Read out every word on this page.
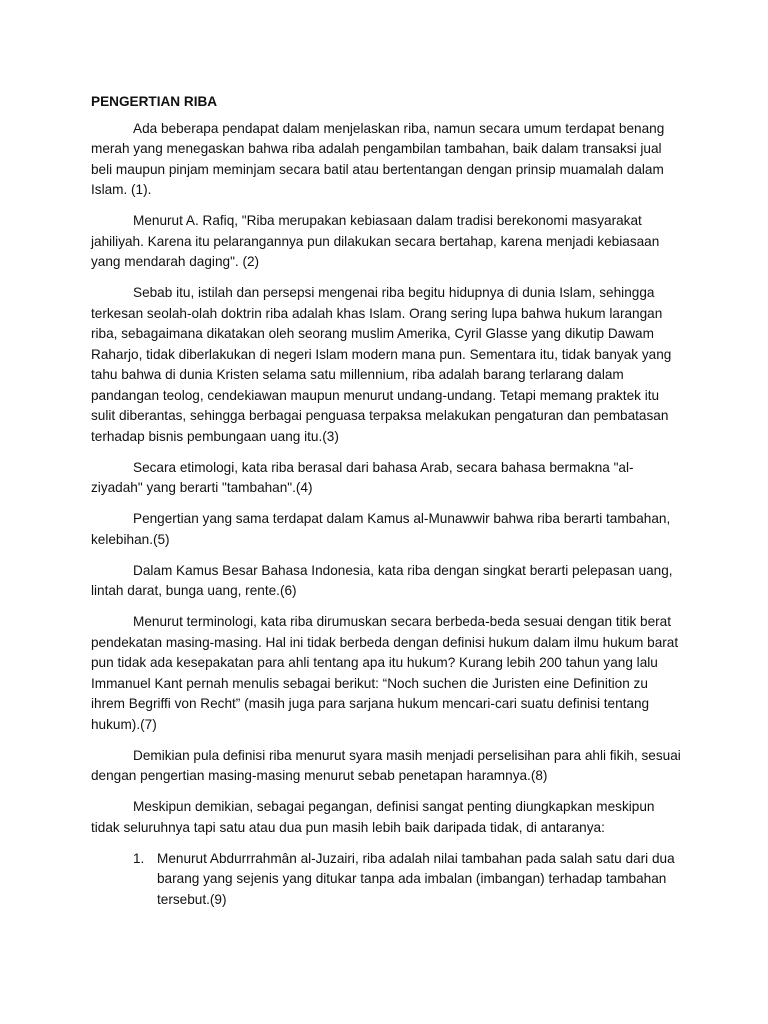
PENGERTIAN RIBA

Ada beberapa pendapat dalam menjelaskan riba, namun secara umum terdapat benang merah yang menegaskan bahwa riba adalah pengambilan tambahan, baik dalam transaksi jual beli maupun pinjam meminjam secara batil atau bertentangan dengan prinsip muamalah dalam Islam. (1).

Menurut A. Rafiq, "Riba merupakan kebiasaan dalam tradisi berekonomi masyarakat jahiliyah. Karena itu pelarangannya pun dilakukan secara bertahap, karena menjadi kebiasaan yang mendarah daging". (2)

Sebab itu, istilah dan persepsi mengenai riba begitu hidupnya di dunia Islam, sehingga terkesan seolah-olah doktrin riba adalah khas Islam. Orang sering lupa bahwa hukum larangan riba, sebagaimana dikatakan oleh seorang muslim Amerika, Cyril Glasse yang dikutip Dawam Raharjo, tidak diberlakukan di negeri Islam modern mana pun. Sementara itu, tidak banyak yang tahu bahwa di dunia Kristen selama satu millennium, riba adalah barang terlarang dalam pandangan teolog, cendekiawan maupun menurut undang-undang. Tetapi memang praktek itu sulit diberantas, sehingga berbagai penguasa terpaksa melakukan pengaturan dan pembatasan terhadap bisnis pembungaan uang itu.(3)

Secara etimologi, kata riba berasal dari bahasa Arab, secara bahasa bermakna "al-ziyadah" yang berarti "tambahan".(4)

Pengertian yang sama terdapat dalam Kamus al-Munawwir bahwa riba berarti tambahan, kelebihan.(5)

Dalam Kamus Besar Bahasa Indonesia, kata riba dengan singkat berarti pelepasan uang, lintah darat, bunga uang, rente.(6)

Menurut terminologi, kata riba dirumuskan secara berbeda-beda sesuai dengan titik berat pendekatan masing-masing. Hal ini tidak berbeda dengan definisi hukum dalam ilmu hukum barat pun tidak ada kesepakatan para ahli tentang apa itu hukum? Kurang lebih 200 tahun yang lalu Immanuel Kant pernah menulis sebagai berikut: “Noch suchen die Juristen eine Definition zu ihrem Begriffi von Recht” (masih juga para sarjana hukum mencari-cari suatu definisi tentang hukum).(7)

Demikian pula definisi riba menurut syara masih menjadi perselisihan para ahli fikih, sesuai dengan pengertian masing-masing menurut sebab penetapan haramnya.(8)

Meskipun demikian, sebagai pegangan, definisi sangat penting diungkapkan meskipun tidak seluruhnya tapi satu atau dua pun masih lebih baik daripada tidak, di antaranya:

1. Menurut Abdurrrahmân al-Juzairi, riba adalah nilai tambahan pada salah satu dari dua barang yang sejenis yang ditukar tanpa ada imbalan (imbangan) terhadap tambahan tersebut.(9)
